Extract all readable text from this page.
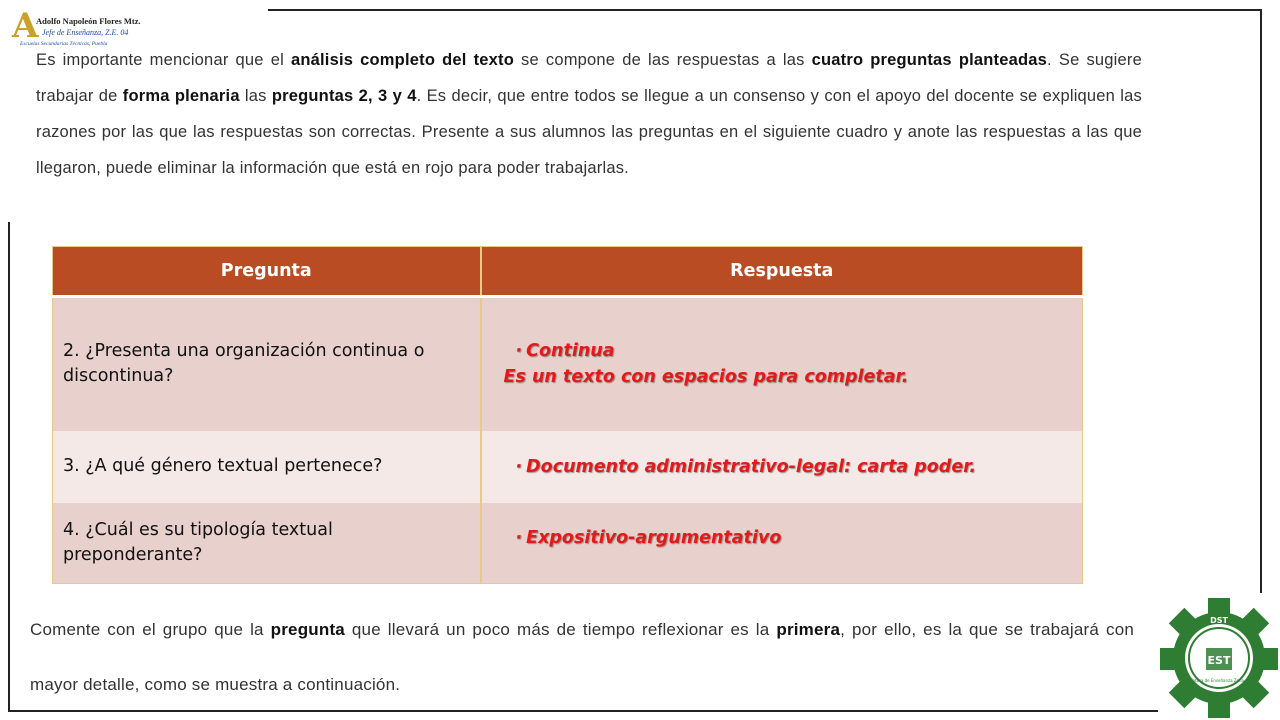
A
Adolfo Napoleón Flores Mtz.
Jefe de Enseñanza, Z.E. 04
Escuelas Secundarias Técnicas, Puebla

Es importante mencionar que el análisis completo del texto se compone de las respuestas a las cuatro preguntas planteadas. Se sugiere trabajar de forma plenaria las preguntas 2, 3 y 4. Es decir, que entre todos se llegue a un consenso y con el apoyo del docente se expliquen las razones por las que las respuestas son correctas. Presente a sus alumnos las preguntas en el siguiente cuadro y anote las respuestas a las que llegaron, puede eliminar la información que está en rojo para poder trabajarlas.

Pregunta	Respuesta
2. ¿Presenta una organización continua o discontinua?	· Continua
Es un texto con espacios para completar.

3. ¿A qué género textual pertenece?	· Documento administrativo-legal: carta poder.

4. ¿Cuál es su tipología textual preponderante?	· Expositivo-argumentativo

Comente con el grupo que la pregunta que llevará un poco más de tiempo reflexionar es la primera, por ello, es la que se trabajará con mayor detalle, como se muestra a continuación.

DST
EST
Jefatura de Enseñanza Zona 04
